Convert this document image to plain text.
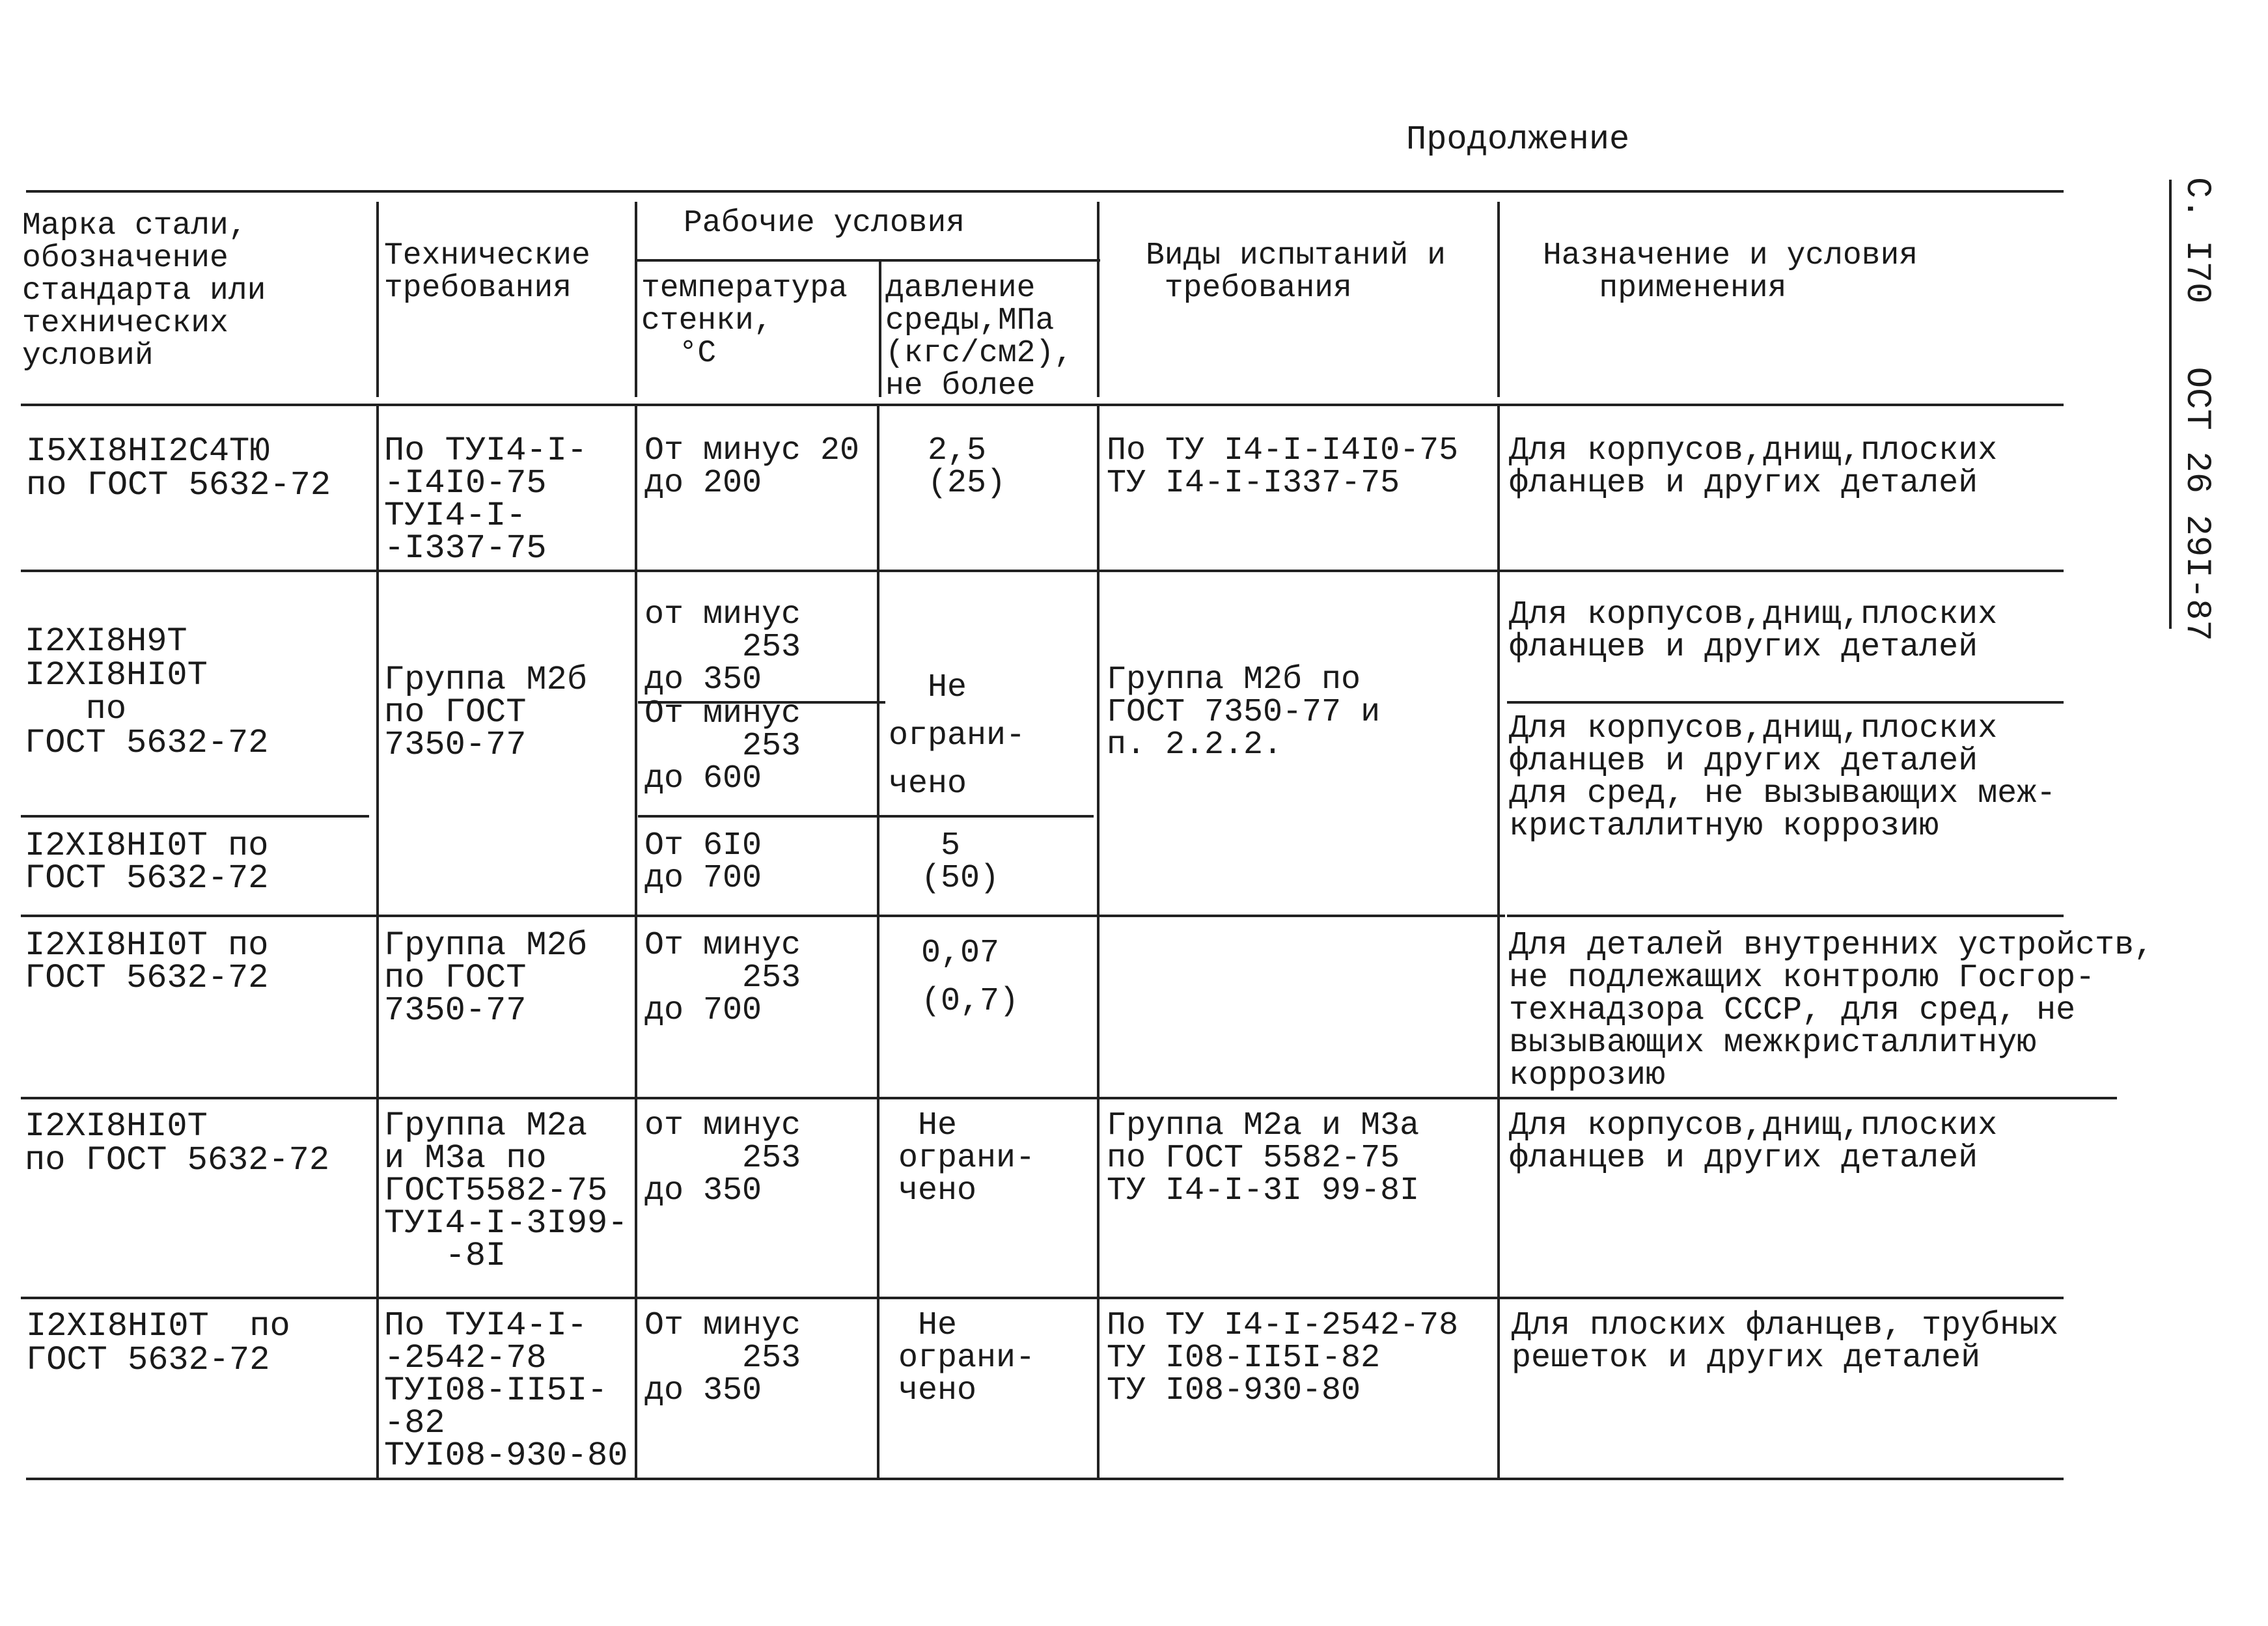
Продолжение
С. I70   ОСТ 26 29I-87
Марка стали,
обозначение
стандарта или
технических
условий
Технические
требования
Рабочие условия
температура
стенки,
°С
давление
среды,МПа
(кгс/см2),
не более
Виды испытаний и
требования
Назначение и условия
применения
I5XI8HI2C4TЮ
по ГОСТ 5632-72
По ТУI4-I-
-I4I0-75
ТУI4-I-
-I337-75
От минус 20
до 200
2,5
(25)
По ТУ I4-I-I4I0-75
ТУ I4-I-I337-75
Для корпусов,днищ,плоских
фланцев и других деталей
I2XI8H9T
I2XI8HI0T
по
ГОСТ 5632-72
Группа М2б
по ГОСТ
7350-77
от минус
253
до 350
От минус
253
до 600
Не
ограни-
чено
Группа М2б по
ГОСТ 7350-77 и
п. 2.2.2.
Для корпусов,днищ,плоских
фланцев и других деталей
Для корпусов,днищ,плоских
фланцев и других деталей
для сред, не вызывающих меж-
кристаллитную коррозию
I2XI8HI0T по
ГОСТ 5632-72
От 6I0
до 700
5
(50)
I2XI8HI0T по
ГОСТ 5632-72
Группа М2б
по ГОСТ
7350-77
От минус
253
до 700
0,07
(0,7)
Для деталей внутренних устройств,
не подлежащих контролю Госгор-
технадзора СССР, для сред, не
вызывающих межкристаллитную
коррозию
I2XI8HI0T
по ГОСТ 5632-72
Группа М2а
и М3а по
ГОСТ5582-75
ТУI4-I-3I99-
-8I
от минус
253
до 350
Не
ограни-
чено
Группа М2а и М3а
по ГОСТ 5582-75
ТУ I4-I-3I 99-8I
Для корпусов,днищ,плоских
фланцев и других деталей
I2XI8HI0T  по
ГОСТ 5632-72
По ТУI4-I-
-2542-78
ТУI08-II5I-
-82
ТУI08-930-80
От минус
253
до 350
Не
ограни-
чено
По ТУ I4-I-2542-78
ТУ I08-II5I-82
ТУ I08-930-80
Для плоских фланцев, трубных
решеток и других деталей
